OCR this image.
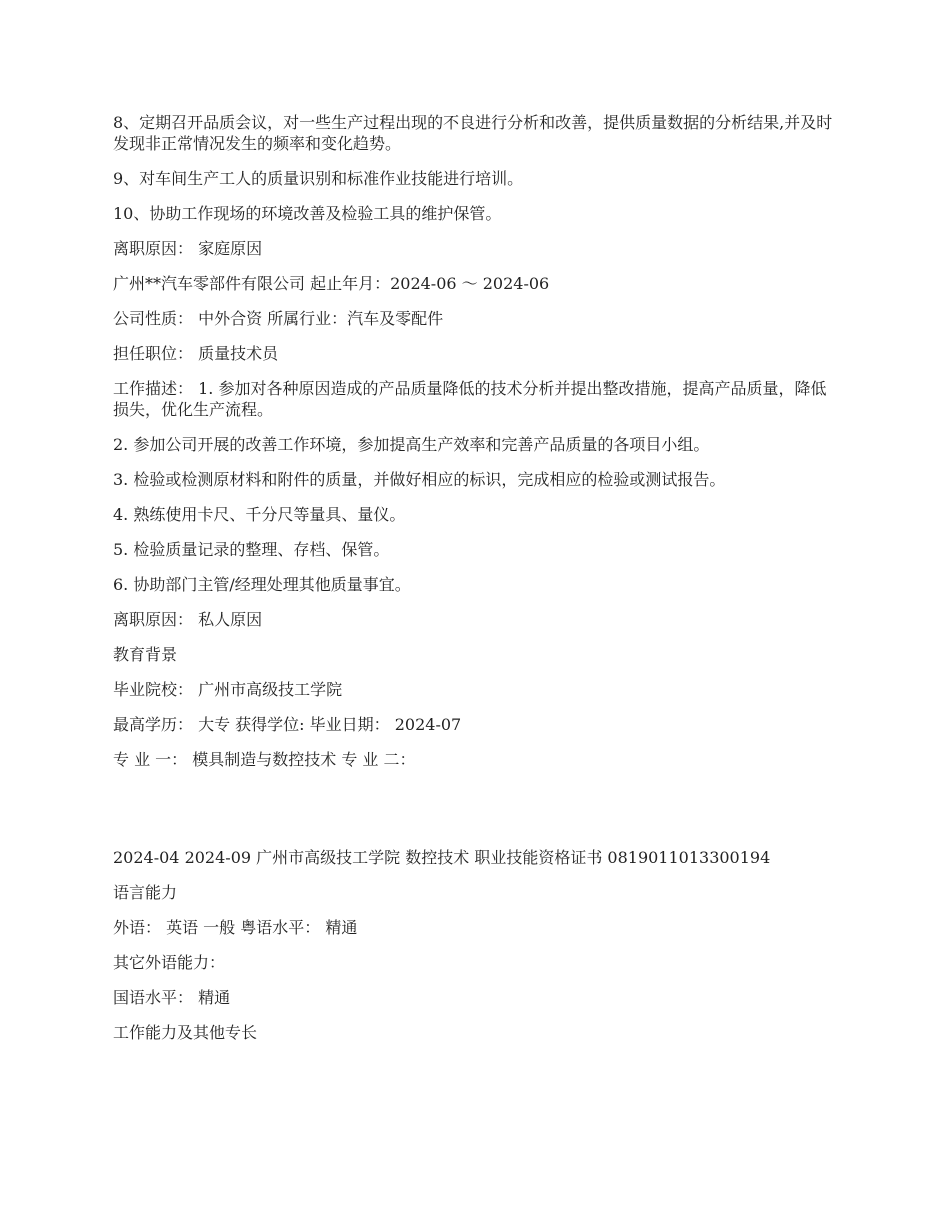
8、定期召开品质会议，对一些生产过程出现的不良进行分析和改善，提供质量数据的分析结果,并及时发现非正常情况发生的频率和变化趋势。

9、对车间生产工人的质量识别和标准作业技能进行培训。

10、协助工作现场的环境改善及检验工具的维护保管。

离职原因： 家庭原因

广州**汽车零部件有限公司 起止年月：2024-06 ～ 2024-06

公司性质： 中外合资 所属行业：汽车及零配件

担任职位： 质量技术员

工作描述： 1. 参加对各种原因造成的产品质量降低的技术分析并提出整改措施，提高产品质量，降低损失，优化生产流程。

2. 参加公司开展的改善工作环境，参加提高生产效率和完善产品质量的各项目小组。

3. 检验或检测原材料和附件的质量，并做好相应的标识，完成相应的检验或测试报告。

4. 熟练使用卡尺、千分尺等量具、量仪。

5. 检验质量记录的整理、存档、保管。

6. 协助部门主管/经理处理其他质量事宜。

离职原因： 私人原因

教育背景

毕业院校： 广州市高级技工学院

最高学历： 大专 获得学位: 毕业日期： 2024-07

专 业 一： 模具制造与数控技术 专 业 二：

2024-04 2024-09 广州市高级技工学院 数控技术 职业技能资格证书 0819011013300194

语言能力

外语： 英语 一般 粤语水平： 精通

其它外语能力：

国语水平： 精通

工作能力及其他专长
